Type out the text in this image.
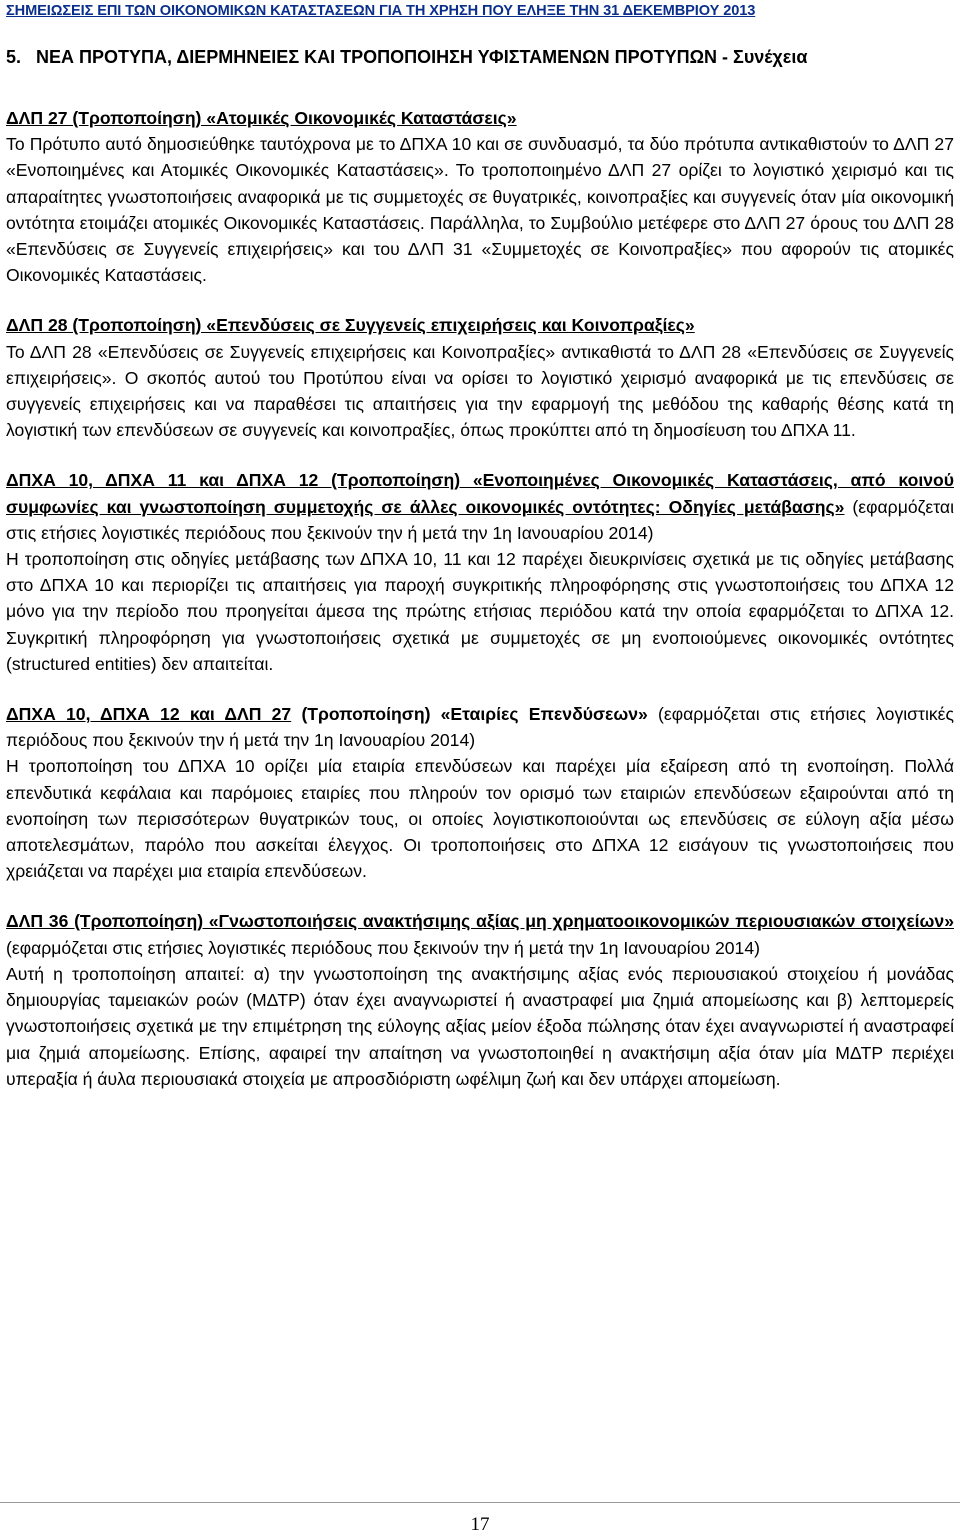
ΣΗΜΕΙΩΣΕΙΣ ΕΠΙ ΤΩΝ ΟΙΚΟΝΟΜΙΚΩΝ ΚΑΤΑΣΤΑΣΕΩΝ ΓΙΑ ΤΗ ΧΡΗΣΗ ΠΟΥ ΕΛΗΞΕ ΤΗΝ 31 ΔΕΚΕΜΒΡΙΟΥ 2013
5.   ΝΕΑ ΠΡΟΤΥΠΑ, ΔΙΕΡΜΗΝΕΙΕΣ ΚΑΙ ΤΡΟΠΟΠΟΙΗΣΗ ΥΦΙΣΤΑΜΕΝΩΝ ΠΡΟΤΥΠΩΝ - Συνέχεια
ΔΛΠ 27 (Τροποποίηση) «Ατομικές Οικονομικές Καταστάσεις»
Το Πρότυπο αυτό δημοσιεύθηκε ταυτόχρονα με το ΔΠΧΑ 10 και σε συνδυασμό, τα δύο πρότυπα αντικαθιστούν το ΔΛΠ 27 «Ενοποιημένες και Ατομικές Οικονομικές Καταστάσεις». Το τροποποιημένο ΔΛΠ 27 ορίζει το λογιστικό χειρισμό και τις απαραίτητες γνωστοποιήσεις αναφορικά με τις συμμετοχές σε θυγατρικές, κοινοπραξίες και συγγενείς όταν μία οικονομική οντότητα ετοιμάζει ατομικές Οικονομικές Καταστάσεις. Παράλληλα, το Συμβούλιο μετέφερε στο ΔΛΠ 27 όρους του ΔΛΠ 28 «Επενδύσεις σε Συγγενείς επιχειρήσεις» και του ΔΛΠ 31 «Συμμετοχές σε Κοινοπραξίες» που αφορούν τις ατομικές Οικονομικές Καταστάσεις.
ΔΛΠ 28 (Τροποποίηση) «Επενδύσεις σε Συγγενείς επιχειρήσεις και Κοινοπραξίες»
Το ΔΛΠ 28 «Επενδύσεις σε Συγγενείς επιχειρήσεις και Κοινοπραξίες» αντικαθιστά το ΔΛΠ 28 «Επενδύσεις σε Συγγενείς επιχειρήσεις». Ο σκοπός αυτού του Προτύπου είναι να ορίσει το λογιστικό χειρισμό αναφορικά με τις επενδύσεις σε συγγενείς επιχειρήσεις και να παραθέσει τις απαιτήσεις για την εφαρμογή της μεθόδου της καθαρής θέσης κατά τη λογιστική των επενδύσεων σε συγγενείς και κοινοπραξίες, όπως προκύπτει από τη δημοσίευση του ΔΠΧΑ 11.
ΔΠΧΑ 10, ΔΠΧΑ 11 και ΔΠΧΑ 12 (Τροποποίηση) «Ενοποιημένες Οικονομικές Καταστάσεις, από κοινού συμφωνίες και γνωστοποίηση συμμετοχής σε άλλες οικονομικές οντότητες: Οδηγίες μετάβασης» (εφαρμόζεται στις ετήσιες λογιστικές περιόδους που ξεκινούν την ή μετά την 1η Ιανουαρίου 2014)
Η τροποποίηση στις οδηγίες μετάβασης των ΔΠΧΑ 10, 11 και 12 παρέχει διευκρινίσεις σχετικά με τις οδηγίες μετάβασης στο ΔΠΧΑ 10 και περιορίζει τις απαιτήσεις για παροχή συγκριτικής πληροφόρησης στις γνωστοποιήσεις του ΔΠΧΑ 12 μόνο για την περίοδο που προηγείται άμεσα της πρώτης ετήσιας περιόδου κατά την οποία εφαρμόζεται το ΔΠΧΑ 12. Συγκριτική πληροφόρηση για γνωστοποιήσεις σχετικά με συμμετοχές σε μη ενοποιούμενες οικονομικές οντότητες (structured entities) δεν απαιτείται.
ΔΠΧΑ 10, ΔΠΧΑ 12 και ΔΛΠ 27 (Τροποποίηση) «Εταιρίες Επενδύσεων» (εφαρμόζεται στις ετήσιες λογιστικές περιόδους που ξεκινούν την ή μετά την 1η Ιανουαρίου 2014)
Η τροποποίηση του ΔΠΧΑ 10 ορίζει μία εταιρία επενδύσεων και παρέχει μία εξαίρεση από τη ενοποίηση. Πολλά επενδυτικά κεφάλαια και παρόμοιες εταιρίες που πληρούν τον ορισμό των εταιριών επενδύσεων εξαιρούνται από τη ενοποίηση των περισσότερων θυγατρικών τους, οι οποίες λογιστικοποιούνται ως επενδύσεις σε εύλογη αξία μέσω αποτελεσμάτων, παρόλο που ασκείται έλεγχος. Οι τροποποιήσεις στο ΔΠΧΑ 12 εισάγουν τις γνωστοποιήσεις που χρειάζεται να παρέχει μια εταιρία επενδύσεων.
ΔΛΠ 36 (Τροποποίηση) «Γνωστοποιήσεις ανακτήσιμης αξίας μη χρηματοοικονομικών περιουσιακών στοιχείων» (εφαρμόζεται στις ετήσιες λογιστικές περιόδους που ξεκινούν την ή μετά την 1η Ιανουαρίου 2014)
Αυτή η τροποποίηση απαιτεί: α) την γνωστοποίηση της ανακτήσιμης αξίας ενός περιουσιακού στοιχείου ή μονάδας δημιουργίας ταμειακών ροών (ΜΔΤΡ) όταν έχει αναγνωριστεί ή αναστραφεί μια ζημιά απομείωσης και β) λεπτομερείς γνωστοποιήσεις σχετικά με την επιμέτρηση της εύλογης αξίας μείον έξοδα πώλησης όταν έχει αναγνωριστεί ή αναστραφεί μια ζημιά απομείωσης. Επίσης, αφαιρεί την απαίτηση να γνωστοποιηθεί η ανακτήσιμη αξία όταν μία ΜΔΤΡ περιέχει υπεραξία ή άυλα περιουσιακά στοιχεία με απροσδιόριστη ωφέλιμη ζωή και δεν υπάρχει απομείωση.
17
